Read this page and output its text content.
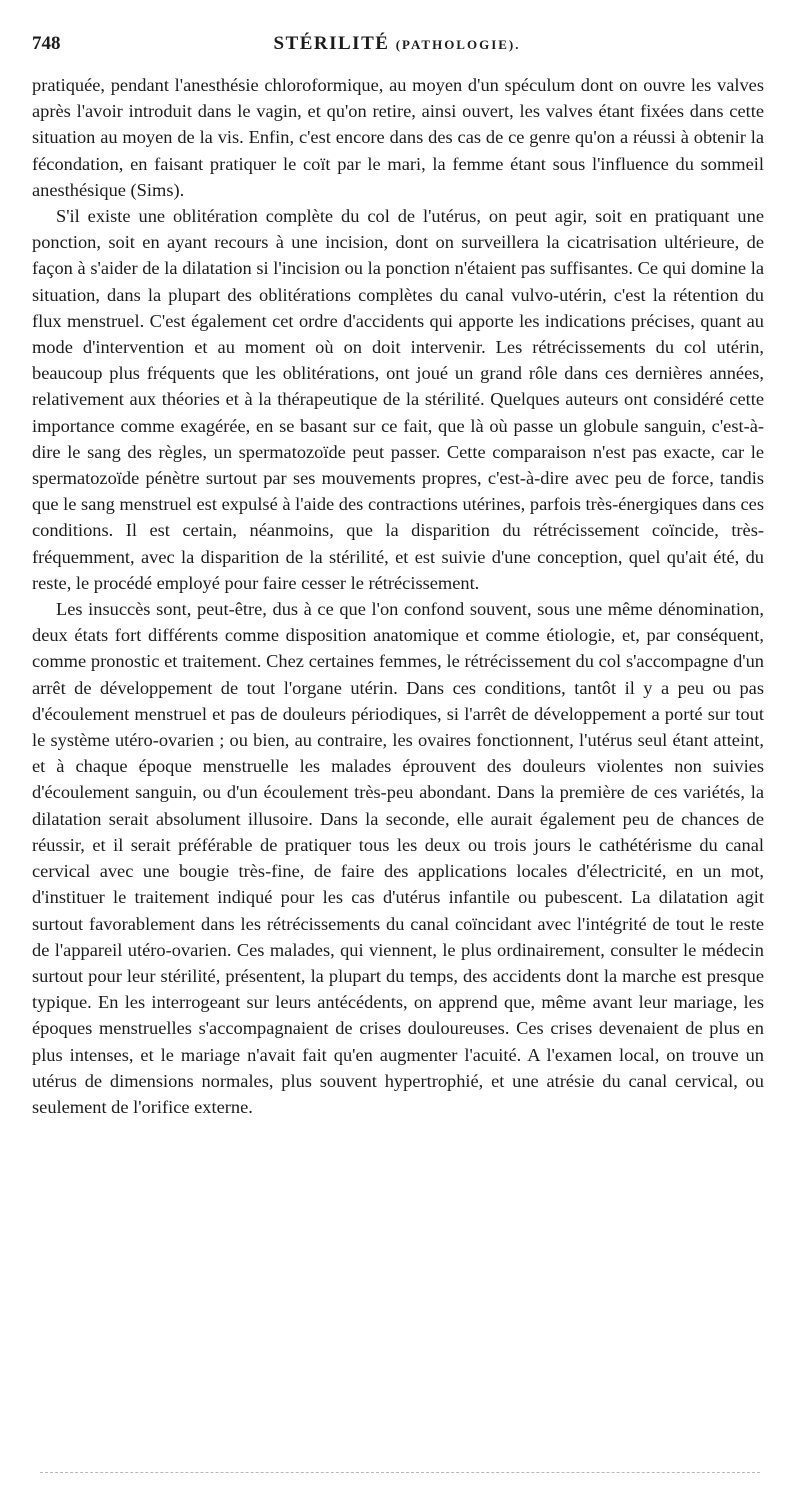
748	STÉRILITÉ (PATHOLOGIE).

pratiquée, pendant l'anesthésie chloroformique, au moyen d'un spéculum dont on ouvre les valves après l'avoir introduit dans le vagin, et qu'on retire, ainsi ouvert, les valves étant fixées dans cette situation au moyen de la vis. Enfin, c'est encore dans des cas de ce genre qu'on a réussi à obtenir la fécondation, en faisant pratiquer le coït par le mari, la femme étant sous l'influence du sommeil anesthésique (Sims).

S'il existe une oblitération complète du col de l'utérus, on peut agir, soit en pratiquant une ponction, soit en ayant recours à une incision, dont on surveillera la cicatrisation ultérieure, de façon à s'aider de la dilatation si l'incision ou la ponction n'étaient pas suffisantes. Ce qui domine la situation, dans la plupart des oblitérations complètes du canal vulvo-utérin, c'est la rétention du flux menstruel. C'est également cet ordre d'accidents qui apporte les indications précises, quant au mode d'intervention et au moment où on doit intervenir. Les rétrécissements du col utérin, beaucoup plus fréquents que les oblitérations, ont joué un grand rôle dans ces dernières années, relativement aux théories et à la thérapeutique de la stérilité. Quelques auteurs ont considéré cette importance comme exagérée, en se basant sur ce fait, que là où passe un globule sanguin, c'est-à-dire le sang des règles, un spermatozoïde peut passer. Cette comparaison n'est pas exacte, car le spermatozoïde pénètre surtout par ses mouvements propres, c'est-à-dire avec peu de force, tandis que le sang menstruel est expulsé à l'aide des contractions utérines, parfois très-énergiques dans ces conditions. Il est certain, néanmoins, que la disparition du rétrécissement coïncide, très-fréquemment, avec la disparition de la stérilité, et est suivie d'une conception, quel qu'ait été, du reste, le procédé employé pour faire cesser le rétrécissement.

Les insuccès sont, peut-être, dus à ce que l'on confond souvent, sous une même dénomination, deux états fort différents comme disposition anatomique et comme étiologie, et, par conséquent, comme pronostic et traitement. Chez certaines femmes, le rétrécissement du col s'accompagne d'un arrêt de développement de tout l'organe utérin. Dans ces conditions, tantôt il y a peu ou pas d'écoulement menstruel et pas de douleurs périodiques, si l'arrêt de développement a porté sur tout le système utéro-ovarien ; ou bien, au contraire, les ovaires fonctionnent, l'utérus seul étant atteint, et à chaque époque menstruelle les malades éprouvent des douleurs violentes non suivies d'écoulement sanguin, ou d'un écoulement très-peu abondant. Dans la première de ces variétés, la dilatation serait absolument illusoire. Dans la seconde, elle aurait également peu de chances de réussir, et il serait préférable de pratiquer tous les deux ou trois jours le cathétérisme du canal cervical avec une bougie très-fine, de faire des applications locales d'électricité, en un mot, d'instituer le traitement indiqué pour les cas d'utérus infantile ou pubescent. La dilatation agit surtout favorablement dans les rétrécissements du canal coïncidant avec l'intégrité de tout le reste de l'appareil utéro-ovarien. Ces malades, qui viennent, le plus ordinairement, consulter le médecin surtout pour leur stérilité, présentent, la plupart du temps, des accidents dont la marche est presque typique. En les interrogeant sur leurs antécédents, on apprend que, même avant leur mariage, les époques menstruelles s'accompagnaient de crises douloureuses. Ces crises devenaient de plus en plus intenses, et le mariage n'avait fait qu'en augmenter l'acuité. A l'examen local, on trouve un utérus de dimensions normales, plus souvent hypertrophié, et une atrésie du canal cervical, ou seulement de l'orifice externe.
